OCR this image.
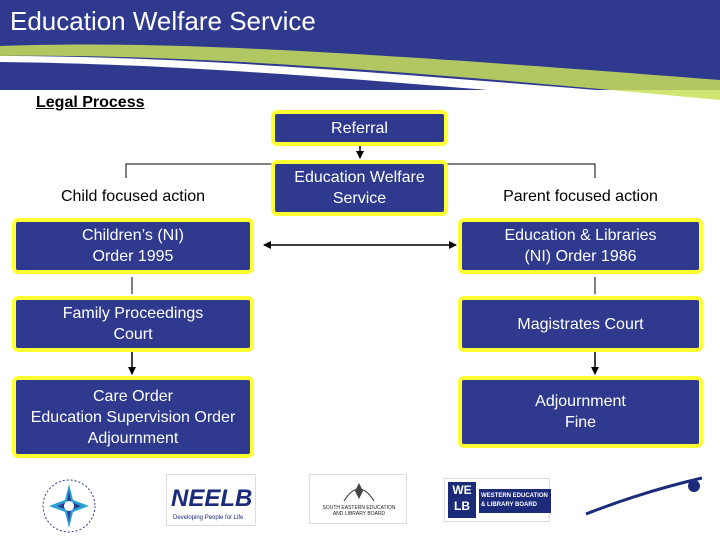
Education Welfare Service
Legal Process
Referral
Education Welfare
Service
Child focused action	Parent focused action
Children’s (NI)
Order 1995
Education & Libraries
(NI) Order 1986
Family Proceedings
Court
Magistrates Court
Care Order
Education Supervision Order
Adjournment
Adjournment
Fine
NEELB
Developing People for Life
SOUTH EASTERN EDUCATION
AND LIBRARY BOARD
WE
LB
WESTERN EDUCATION
& LIBRARY BOARD
